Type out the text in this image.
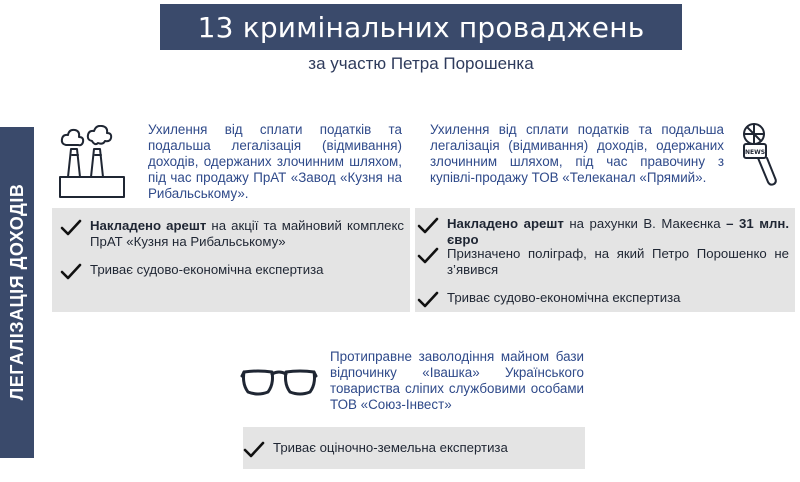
13 кримінальних проваджень
за участю Петра Порошенка
ЛЕГАЛІЗАЦІЯ ДОХОДІВ
Ухилення від сплати податків та подальша легалізація (відмивання) доходів, одержаних злочинним шляхом, під час продажу ПрАТ «Завод «Кузня на Рибальському».
Накладено арешт на акції та майновий комплекс ПрАТ «Кузня на Рибальському»
Триває судово-економічна експертиза
NEWS
Ухилення від сплати податків та подальша легалізація (відмивання) доходів, одержаних злочинним шляхом, під час правочину з купівлі-продажу ТОВ «Телеканал «Прямий».
Накладено арешт на рахунки В. Макеєнка – 31 млн. євро
Призначено поліграф, на який Петро Порошенко не з’явився
Триває судово-економічна експертиза
Протиправне заволодіння майном бази відпочинку «Івашка» Українського товариства сліпих службовими особами ТОВ «Союз-Інвест»
Триває оціночно-земельна експертиза
